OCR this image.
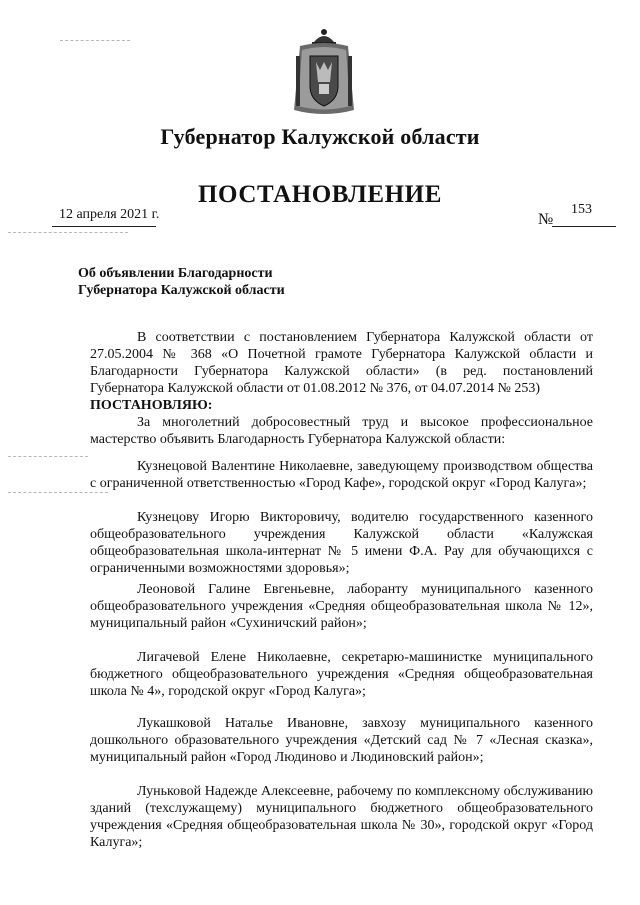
Губернатор Калужской области
ПОСТАНОВЛЕНИЕ
12 апреля 2021 г.	№
153
Об объявлении Благодарности
Губернатора Калужской области

В соответствии с постановлением Губернатора Калужской области от 27.05.2004 № 368 «О Почетной грамоте Губернатора Калужской области и Благодарности Губернатора Калужской области» (в ред. постановлений Губернатора Калужской области от 01.08.2012 № 376, от 04.07.2014 № 253)

ПОСТАНОВЛЯЮ:

За многолетний добросовестный труд и высокое профессиональное мастерство объявить Благодарность Губернатора Калужской области:

Кузнецовой Валентине Николаевне, заведующему производством общества с ограниченной ответственностью «Город Кафе», городской округ «Город Калуга»;

Кузнецову Игорю Викторовичу, водителю государственного казенного общеобразовательного учреждения Калужской области «Калужская общеобразовательная школа-интернат № 5 имени Ф.А. Рау для обучающихся с ограниченными возможностями здоровья»;

Леоновой Галине Евгеньевне, лаборанту муниципального казенного общеобразовательного учреждения «Средняя общеобразовательная школа № 12», муниципальный район «Сухиничский район»;

Лигачевой Елене Николаевне, секретарю-машинистке муниципального бюджетного общеобразовательного учреждения «Средняя общеобразовательная школа № 4», городской округ «Город Калуга»;

Лукашковой Наталье Ивановне, завхозу муниципального казенного дошкольного образовательного учреждения «Детский сад № 7 «Лесная сказка», муниципальный район «Город Людиново и Людиновский район»;

Луньковой Надежде Алексеевне, рабочему по комплексному обслуживанию зданий (техслужащему) муниципального бюджетного общеобразовательного учреждения «Средняя общеобразовательная школа № 30», городской округ «Город Калуга»;
